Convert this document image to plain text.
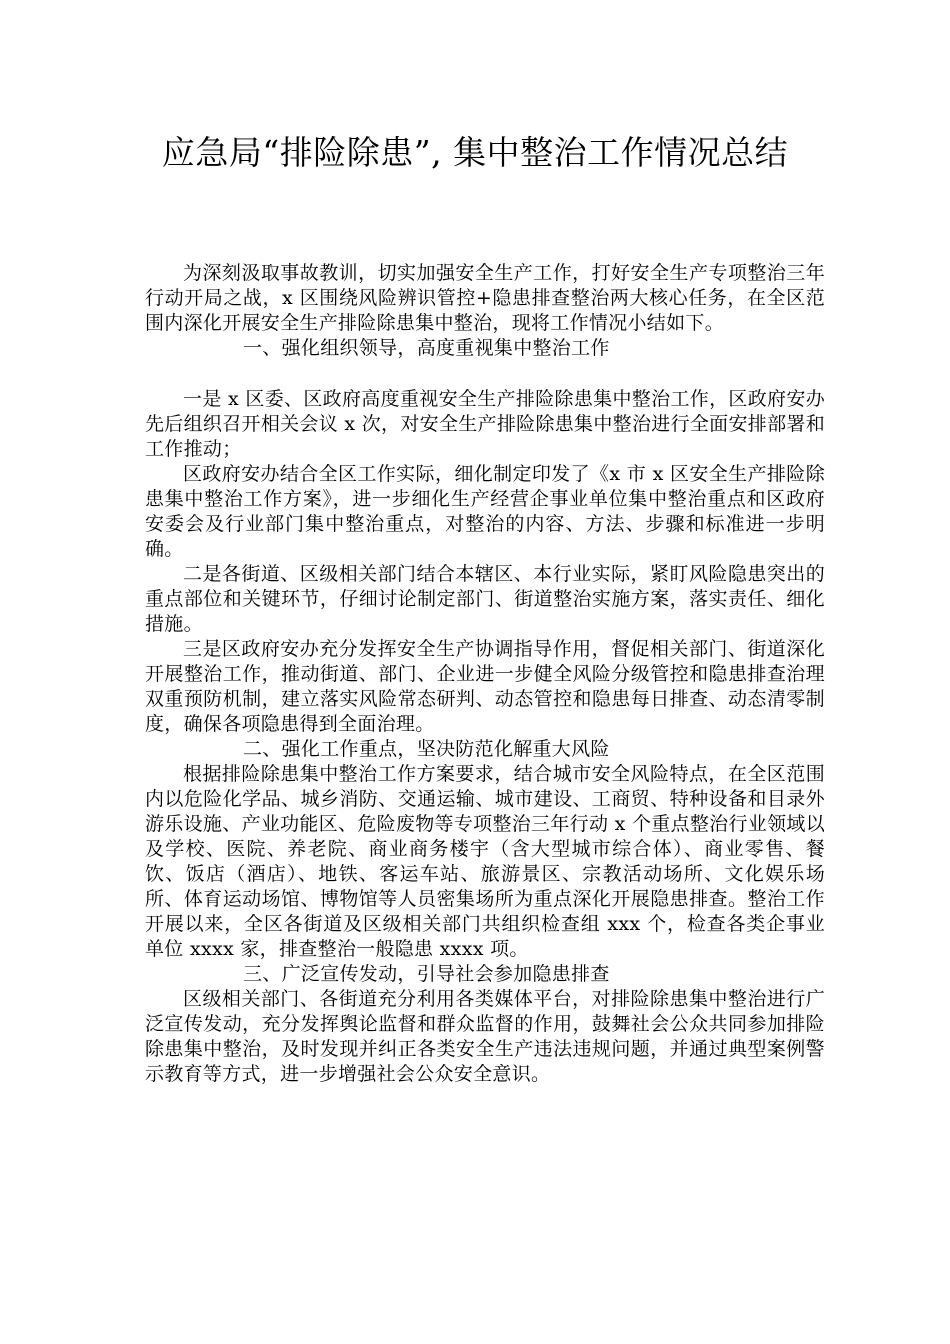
应急局“排险除患”, 集中整治工作情况总结

为深刻汲取事故教训，切实加强安全生产工作，打好安全生产专项整治三年行动开局之战，x 区围绕风险辨识管控+隐患排查整治两大核心任务，在全区范围内深化开展安全生产排险除患集中整治，现将工作情况小结如下。

一、强化组织领导，高度重视集中整治工作

一是 x 区委、区政府高度重视安全生产排险除患集中整治工作，区政府安办先后组织召开相关会议 x 次，对安全生产排险除患集中整治进行全面安排部署和工作推动；

区政府安办结合全区工作实际，细化制定印发了《x 市 x 区安全生产排险除患集中整治工作方案》，进一步细化生产经营企事业单位集中整治重点和区政府安委会及行业部门集中整治重点，对整治的内容、方法、步骤和标准进一步明确。

二是各街道、区级相关部门结合本辖区、本行业实际，紧盯风险隐患突出的重点部位和关键环节，仔细讨论制定部门、街道整治实施方案，落实责任、细化措施。

三是区政府安办充分发挥安全生产协调指导作用，督促相关部门、街道深化开展整治工作，推动街道、部门、企业进一步健全风险分级管控和隐患排查治理双重预防机制，建立落实风险常态研判、动态管控和隐患每日排查、动态清零制度，确保各项隐患得到全面治理。

二、强化工作重点，坚决防范化解重大风险

根据排险除患集中整治工作方案要求，结合城市安全风险特点，在全区范围内以危险化学品、城乡消防、交通运输、城市建设、工商贸、特种设备和目录外游乐设施、产业功能区、危险废物等专项整治三年行动 x 个重点整治行业领域以及学校、医院、养老院、商业商务楼宇（含大型城市综合体）、商业零售、餐饮、饭店（酒店）、地铁、客运车站、旅游景区、宗教活动场所、文化娱乐场所、体育运动场馆、博物馆等人员密集场所为重点深化开展隐患排查。整治工作开展以来，全区各街道及区级相关部门共组织检查组 xxx 个，检查各类企事业单位 xxxx 家，排查整治一般隐患 xxxx 项。

三、广泛宣传发动，引导社会参加隐患排查

区级相关部门、各街道充分利用各类媒体平台，对排险除患集中整治进行广泛宣传发动，充分发挥舆论监督和群众监督的作用，鼓舞社会公众共同参加排险除患集中整治，及时发现并纠正各类安全生产违法违规问题，并通过典型案例警示教育等方式，进一步增强社会公众安全意识。
